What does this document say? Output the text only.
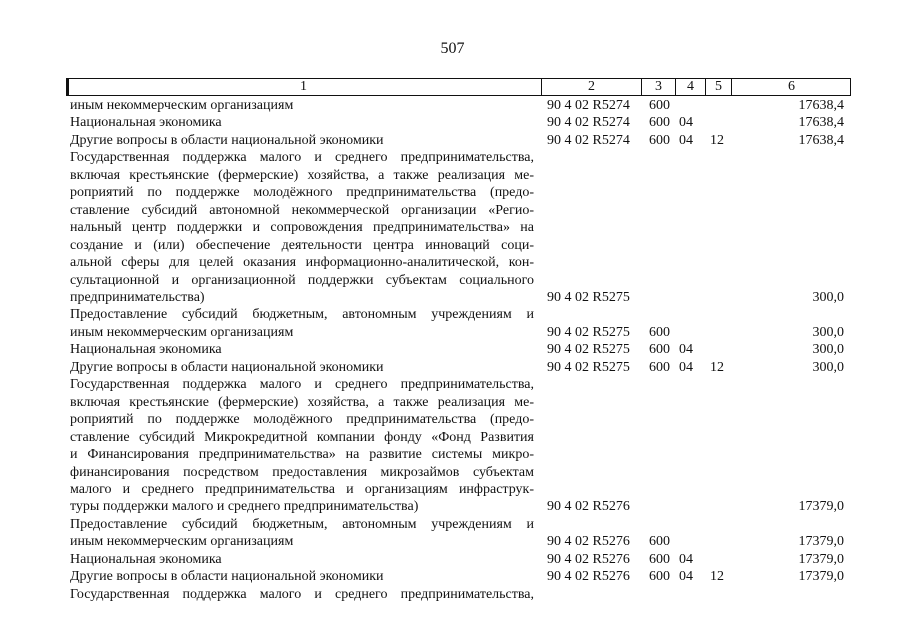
507
1	2	3	4	5	6
иным некоммерческим организациям	90 4 02 R5274 600	17638,4
Национальная экономика	90 4 02 R5274 600 04	17638,4
Другие вопросы в области национальной экономики	90 4 02 R5274 600 04 12	17638,4
Государственная поддержка малого и среднего предпринимательства,
включая крестьянские (фермерские) хозяйства, а также реализация ме-
роприятий по поддержке молодёжного предпринимательства (предо-
ставление субсидий автономной некоммерческой организации «Регио-
нальный центр поддержки и сопровождения предпринимательства» на
создание и (или) обеспечение деятельности центра инноваций соци-
альной сферы для целей оказания информационно-аналитической, кон-
сультационной и организационной поддержки субъектам социального
предпринимательства)	90 4 02 R5275	300,0
Предоставление субсидий бюджетным, автономным учреждениям и
иным некоммерческим организациям	90 4 02 R5275 600	300,0
Национальная экономика	90 4 02 R5275 600 04	300,0
Другие вопросы в области национальной экономики	90 4 02 R5275 600 04 12	300,0
Государственная поддержка малого и среднего предпринимательства,
включая крестьянские (фермерские) хозяйства, а также реализация ме-
роприятий по поддержке молодёжного предпринимательства (предо-
ставление субсидий Микрокредитной компании фонду «Фонд Развития
и Финансирования предпринимательства» на развитие системы микро-
финансирования посредством предоставления микрозаймов субъектам
малого и среднего предпринимательства и организациям инфраструк-
туры поддержки малого и среднего предпринимательства)	90 4 02 R5276	17379,0
Предоставление субсидий бюджетным, автономным учреждениям и
иным некоммерческим организациям	90 4 02 R5276 600	17379,0
Национальная экономика	90 4 02 R5276 600 04	17379,0
Другие вопросы в области национальной экономики	90 4 02 R5276 600 04 12	17379,0
Государственная поддержка малого и среднего предпринимательства,
